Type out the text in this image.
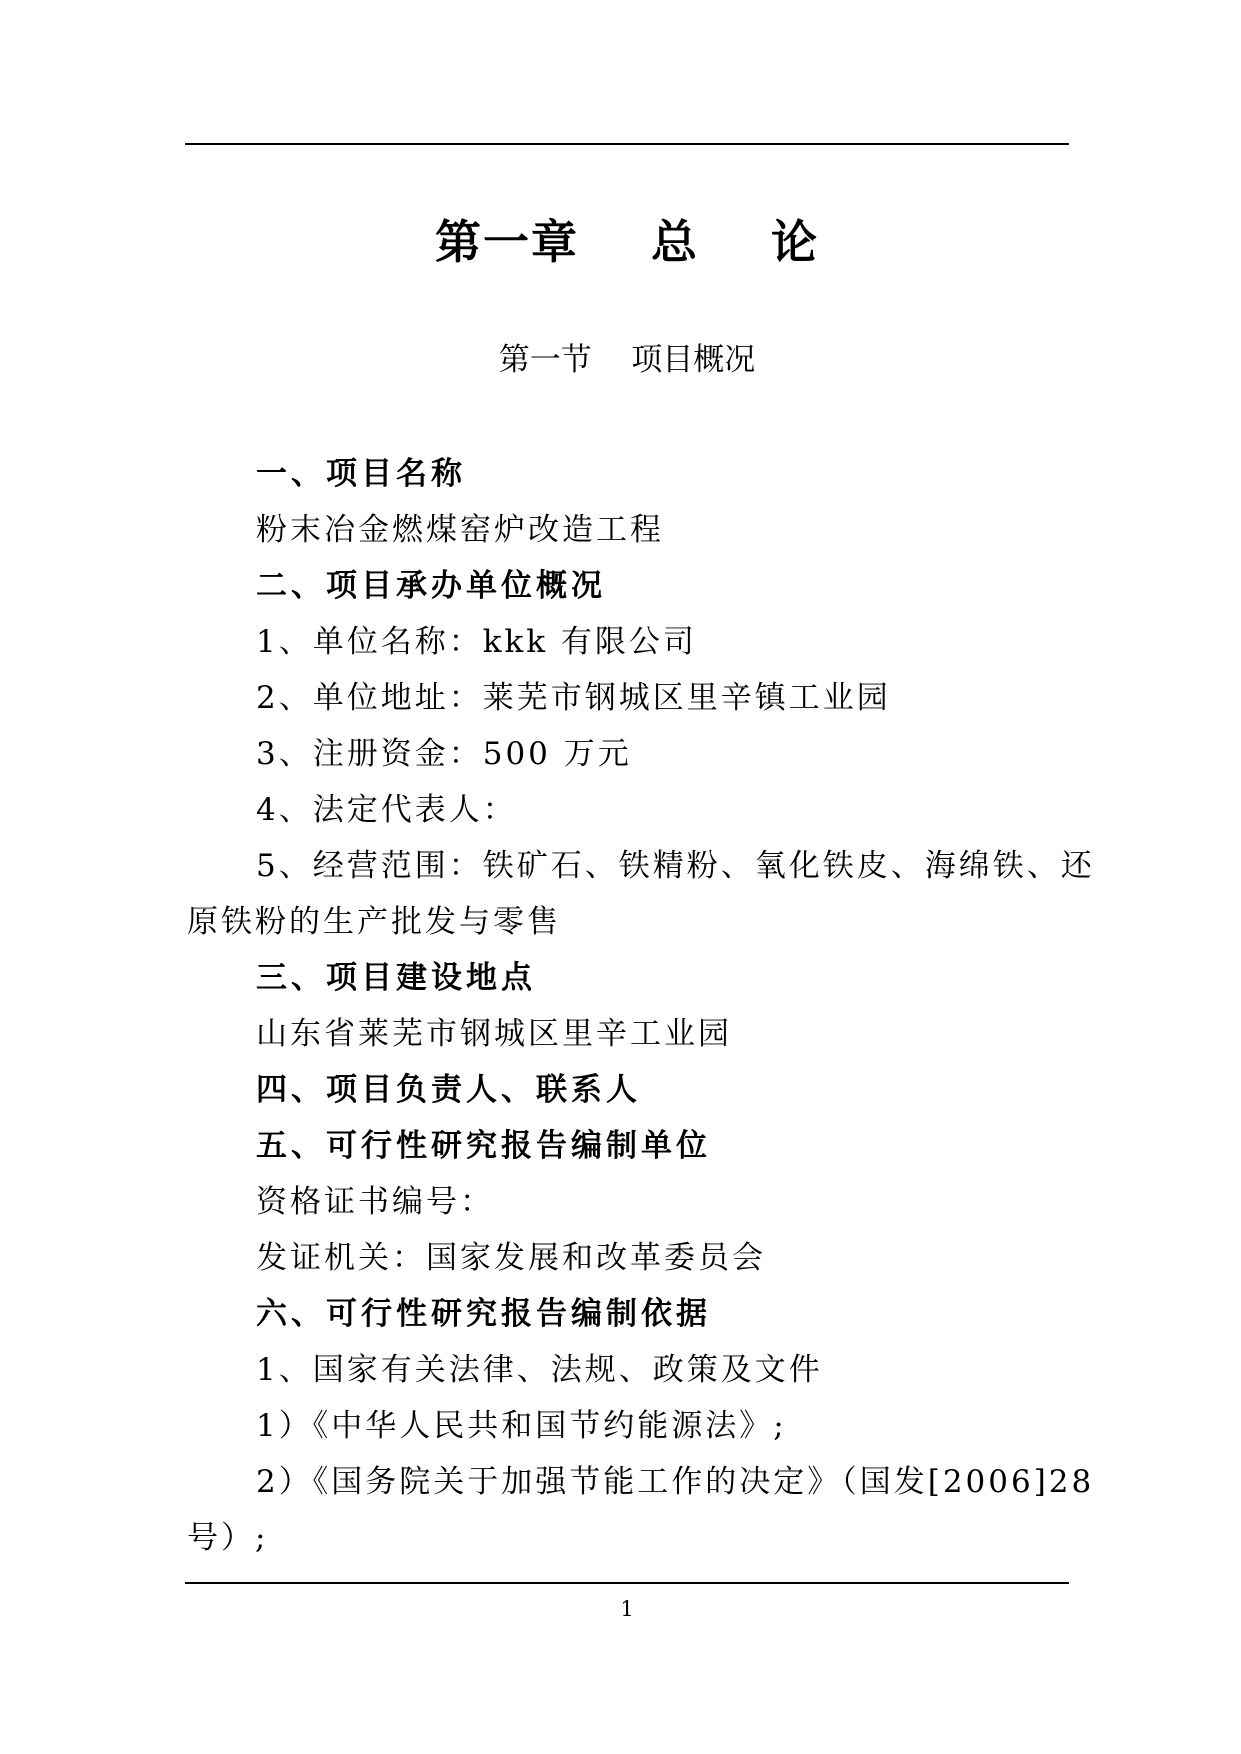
第一章    总    论
第一节    项目概况
一、项目名称
粉末冶金燃煤窑炉改造工程
二、项目承办单位概况
1、单位名称：kkk 有限公司
2、单位地址：莱芜市钢城区里辛镇工业园
3、注册资金：500 万元
4、法定代表人：
5、经营范围：铁矿石、铁精粉、氧化铁皮、海绵铁、还
原铁粉的生产批发与零售
三、项目建设地点
山东省莱芜市钢城区里辛工业园
四、项目负责人、联系人
五、可行性研究报告编制单位
资格证书编号：
发证机关：国家发展和改革委员会
六、可行性研究报告编制依据
1、国家有关法律、法规、政策及文件
1）《中华人民共和国节约能源法》;
2）《国务院关于加强节能工作的决定》（国发[2006]28
号）;
1
